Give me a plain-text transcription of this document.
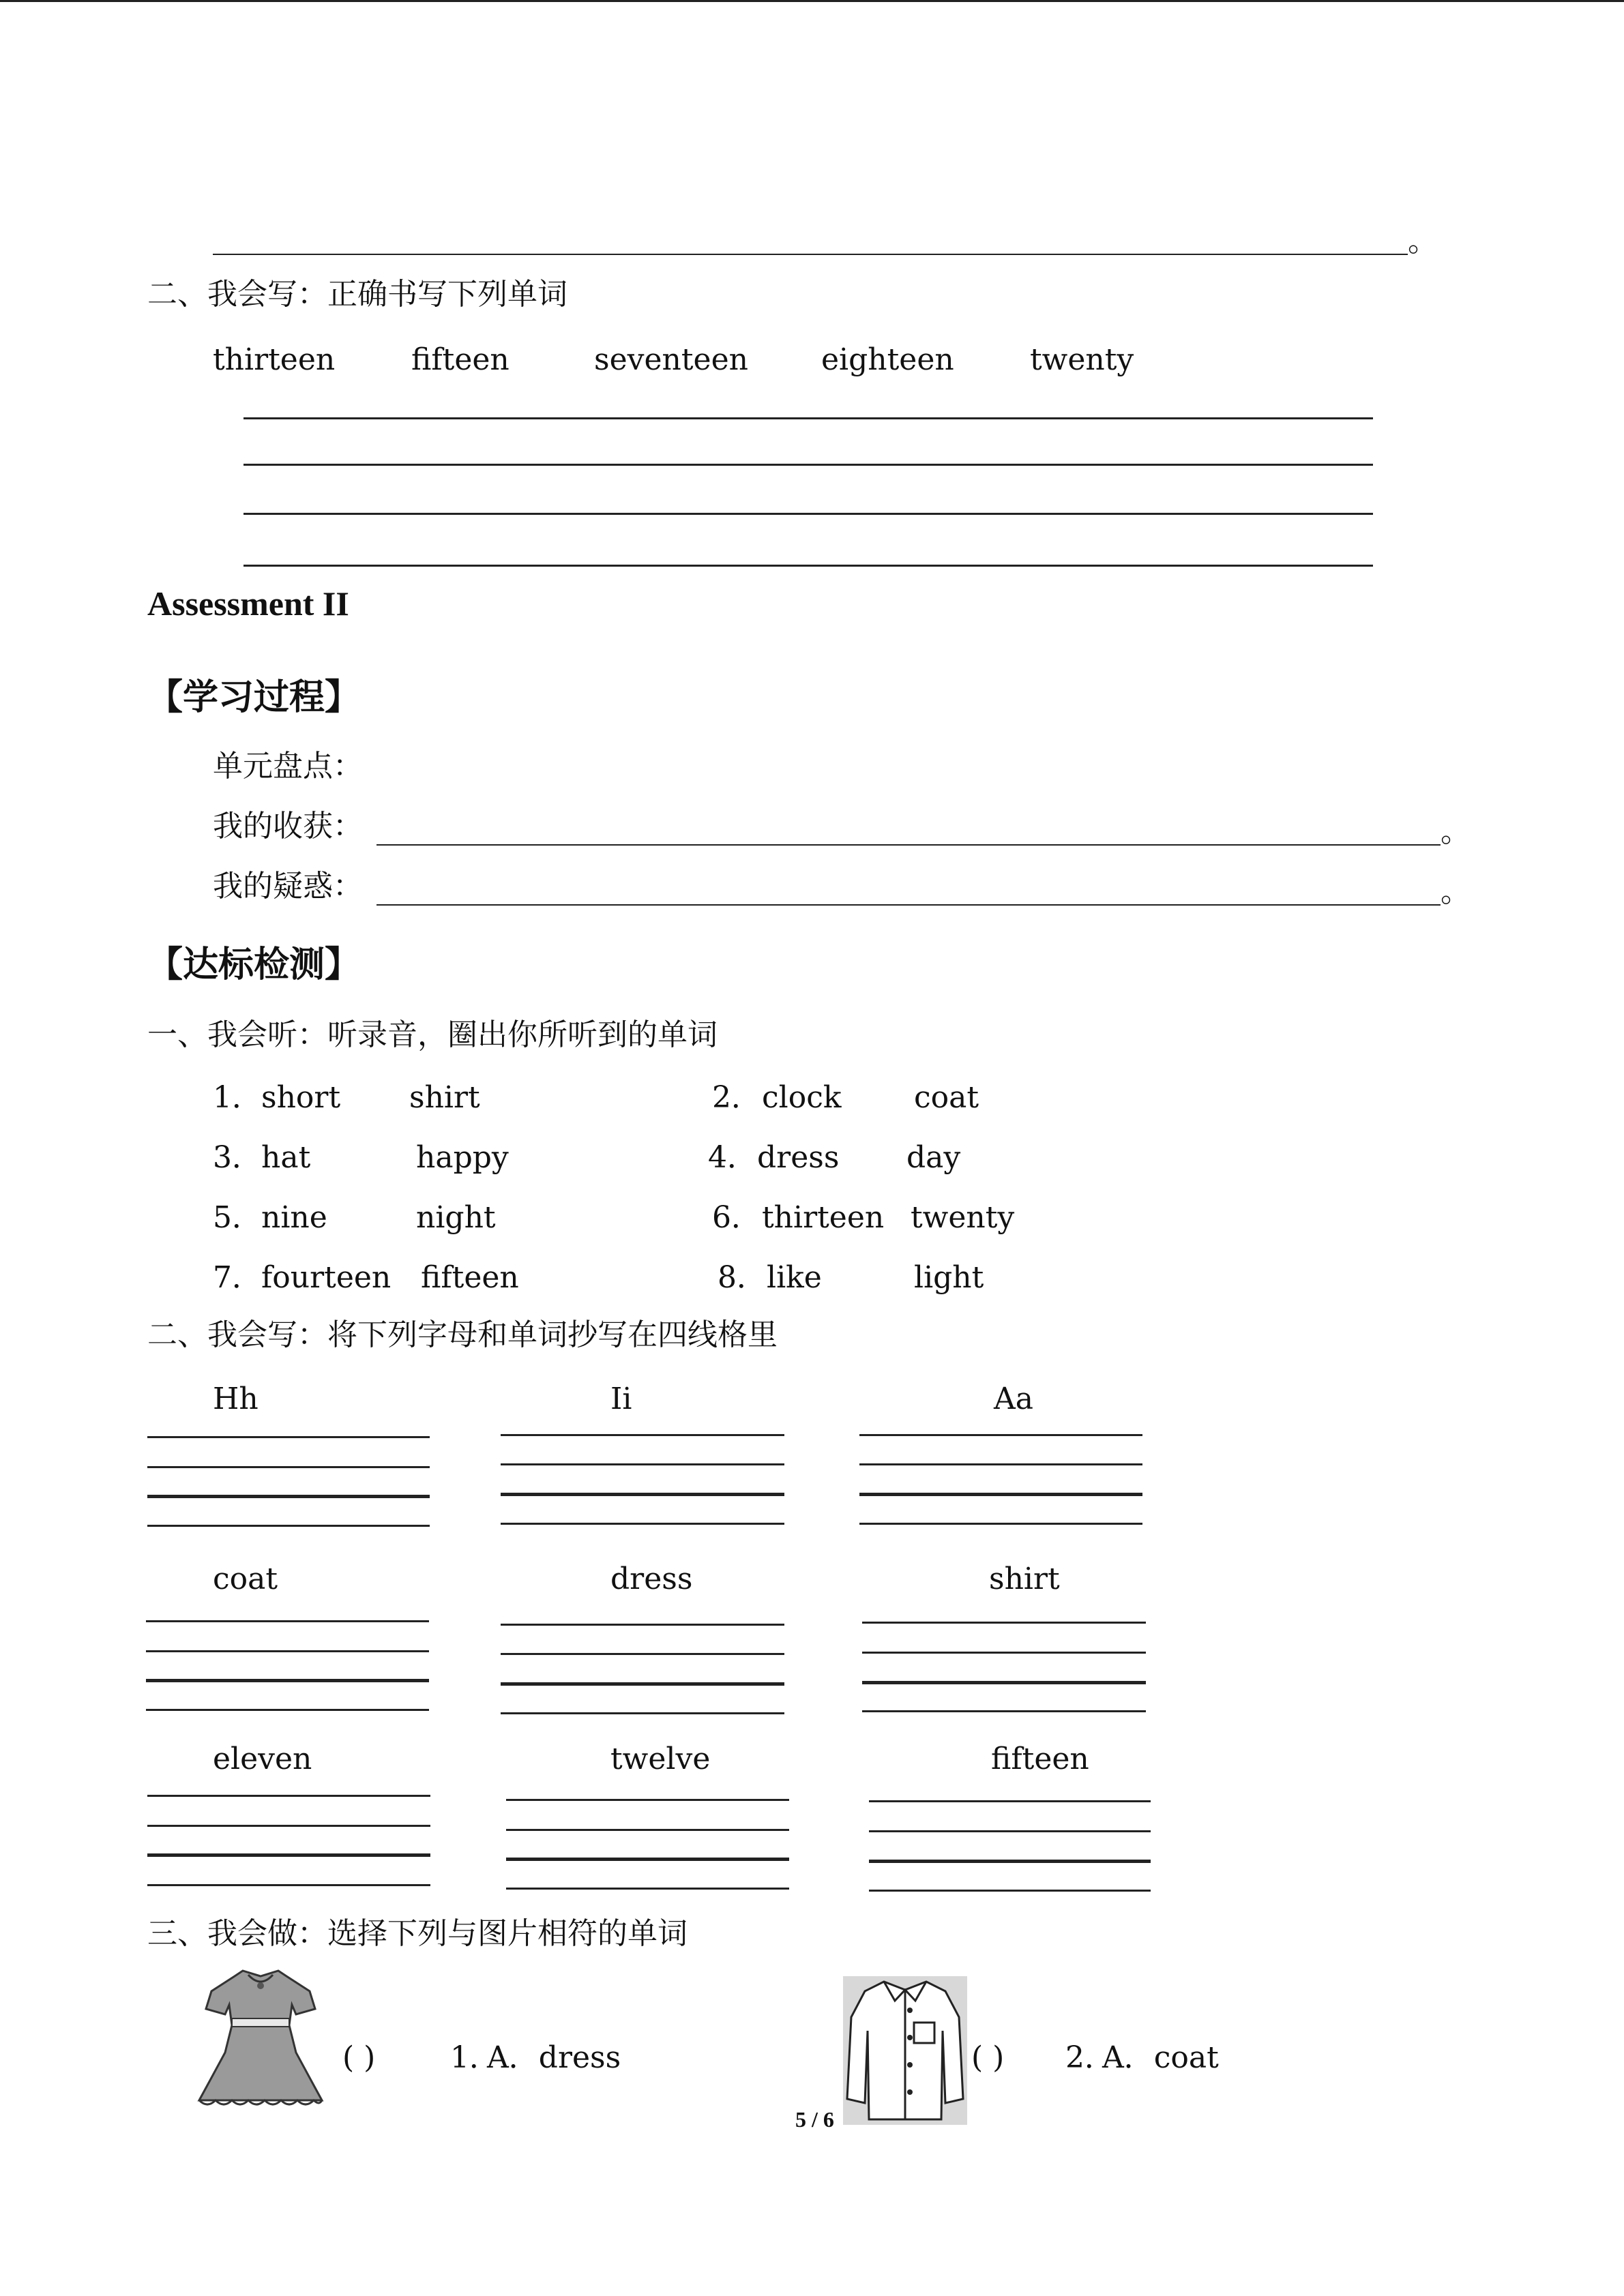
。
二、我会写：正确书写下列单词
thirteen	fifteen	seventeen eighteen	twenty
Assessment II
【学习过程】
单元盘点：
我的收获：	。
我的疑惑：	。
【达标检测】
一、我会听：听录音，圈出你所听到的单词
1． short shirt	2． clock coat
3． hat	happy	4． dress day
5． nine	night	6． thirteen twenty
7． fourteen fifteen	8． like	light
二、我会写：将下列字母和单词抄写在四线格里
Hh	Ii	Aa
coat	dress	shirt
eleven	twelve	fifteen
三、我会做：选择下列与图片相符的单词
( ) 1．
A．dress	( ) 2．
A．coat
5 / 6
